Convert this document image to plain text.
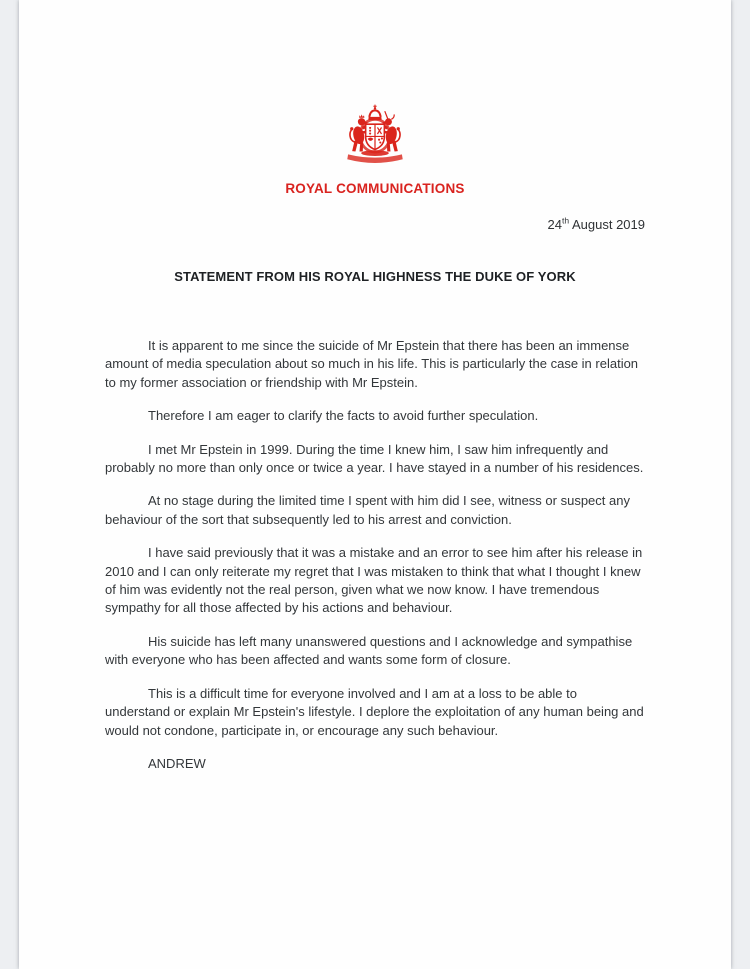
ROYAL COMMUNICATIONS
24th August 2019
STATEMENT FROM HIS ROYAL HIGHNESS THE DUKE OF YORK

It is apparent to me since the suicide of Mr Epstein that there has been an immense amount of media speculation about so much in his life. This is particularly the case in relation to my former association or friendship with Mr Epstein.

Therefore I am eager to clarify the facts to avoid further speculation.

I met Mr Epstein in 1999. During the time I knew him, I saw him infrequently and probably no more than only once or twice a year. I have stayed in a number of his residences.

At no stage during the limited time I spent with him did I see, witness or suspect any behaviour of the sort that subsequently led to his arrest and conviction.

I have said previously that it was a mistake and an error to see him after his release in 2010 and I can only reiterate my regret that I was mistaken to think that what I thought I knew of him was evidently not the real person, given what we now know. I have tremendous sympathy for all those affected by his actions and behaviour.

His suicide has left many unanswered questions and I acknowledge and sympathise with everyone who has been affected and wants some form of closure.

This is a difficult time for everyone involved and I am at a loss to be able to understand or explain Mr Epstein's lifestyle. I deplore the exploitation of any human being and would not condone, participate in, or encourage any such behaviour.

ANDREW
